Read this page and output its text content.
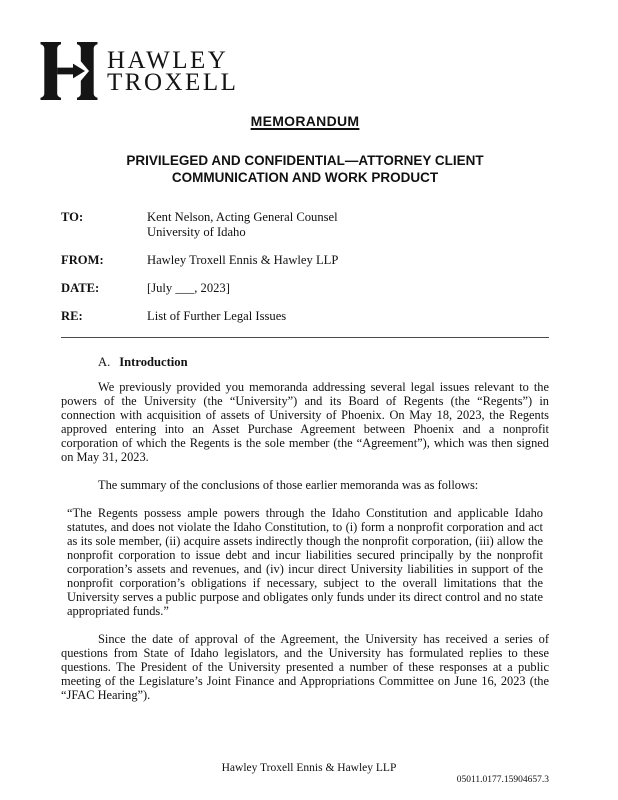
HAWLEY
TROXELL
MEMORANDUM
PRIVILEGED AND CONFIDENTIAL—ATTORNEY CLIENT COMMUNICATION AND WORK PRODUCT
TO:	Kent Nelson, Acting General Counsel
University of Idaho
FROM:	Hawley Troxell Ennis & Hawley LLP
DATE:	[July ___, 2023]
RE:	List of Further Legal Issues
A. Introduction

We previously provided you memoranda addressing several legal issues relevant to the powers of the University (the “University”) and its Board of Regents (the “Regents”) in connection with acquisition of assets of University of Phoenix. On May 18, 2023, the Regents approved entering into an Asset Purchase Agreement between Phoenix and a nonprofit corporation of which the Regents is the sole member (the “Agreement”), which was then signed on May 31, 2023.

The summary of the conclusions of those earlier memoranda was as follows:

“The Regents possess ample powers through the Idaho Constitution and applicable Idaho statutes, and does not violate the Idaho Constitution, to (i) form a nonprofit corporation and act as its sole member, (ii) acquire assets indirectly though the nonprofit corporation, (iii) allow the nonprofit corporation to issue debt and incur liabilities secured principally by the nonprofit corporation’s assets and revenues, and (iv) incur direct University liabilities in support of the nonprofit corporation’s obligations if necessary, subject to the overall limitations that the University serves a public purpose and obligates only funds under its direct control and no state appropriated funds.”

Since the date of approval of the Agreement, the University has received a series of questions from State of Idaho legislators, and the University has formulated replies to these questions. The President of the University presented a number of these responses at a public meeting of the Legislature’s Joint Finance and Appropriations Committee on June 16, 2023 (the “JFAC Hearing”).

Hawley Troxell Ennis & Hawley LLP
05011.0177.15904657.3
